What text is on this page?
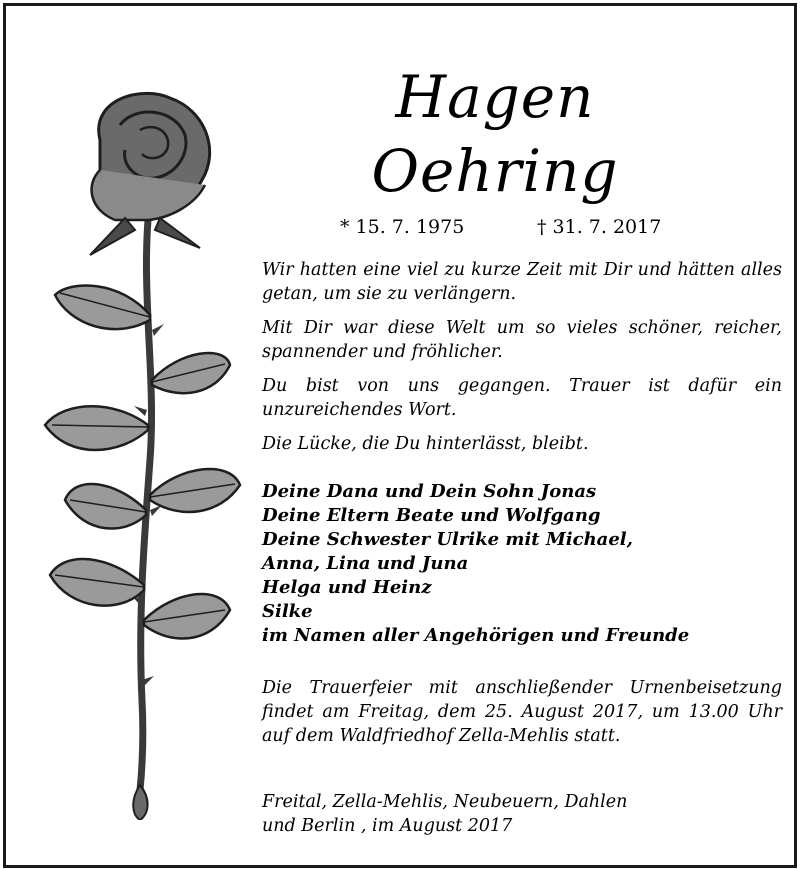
Hagen
Oehring
* 15. 7. 1975	† 31. 7. 2017

Wir hatten eine viel zu kurze Zeit mit Dir und hätten alles getan, um sie zu verlängern.

Mit Dir war diese Welt um so vieles schöner, reicher, spannender und fröhlicher.

Du bist von uns gegangen. Trauer ist dafür ein unzureichendes Wort.

Die Lücke, die Du hinterlässt, bleibt.

Deine Dana und Dein Sohn Jonas
Deine Eltern Beate und Wolfgang
Deine Schwester Ulrike mit Michael,
Anna, Lina und Juna
Helga und Heinz
Silke
im Namen aller Angehörigen und Freunde
Die Trauerfeier mit anschließender Urnenbeisetzung findet am Freitag, dem 25. August 2017, um 13.00 Uhr auf dem Waldfriedhof Zella-Mehlis statt.
Freital, Zella-Mehlis, Neubeuern, Dahlen
und Berlin , im August 2017
